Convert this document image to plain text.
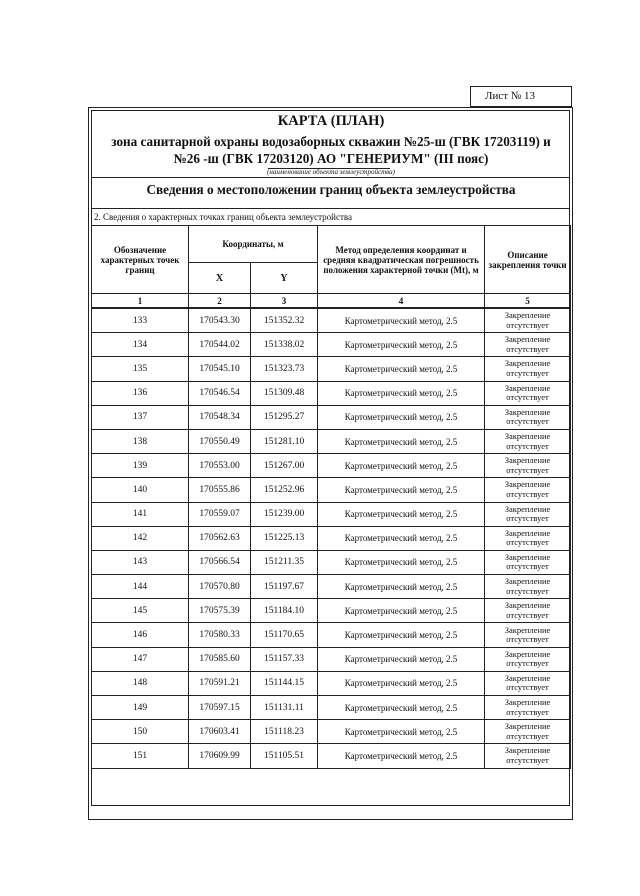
Лист № 13
КАРТА (ПЛАН)
зона санитарной охраны водозаборных скважин №25-ш (ГВК 17203119) и №26 -ш (ГВК 17203120) АО "ГЕНЕРИУМ" (III пояс)
(наименование объекта землеустройства)
Сведения о местоположении границ объекта землеустройства
2. Сведения о характерных точках границ объекта землеустройства
Обозначение характерных точек границ	Координаты, м		Метод определения координат и средняя квадратическая погрешность положения характерной точки (Mt), м	Описание закрепления точки
	X	Y		
1	2	3	4	5
133	170543.30	151352.32	Картометрический метод, 2.5	Закрепление
отсутствует

134	170544.02	151338.02	Картометрический метод, 2.5	Закрепление
отсутствует

135	170545.10	151323.73	Картометрический метод, 2.5	Закрепление
отсутствует

136	170546.54	151309.48	Картометрический метод, 2.5	Закрепление
отсутствует

137	170548.34	151295.27	Картометрический метод, 2.5	Закрепление
отсутствует

138	170550.49	151281.10	Картометрический метод, 2.5	Закрепление
отсутствует

139	170553.00	151267.00	Картометрический метод, 2.5	Закрепление
отсутствует

140	170555.86	151252.96	Картометрический метод, 2.5	Закрепление
отсутствует

141	170559.07	151239.00	Картометрический метод, 2.5	Закрепление
отсутствует

142	170562.63	151225.13	Картометрический метод, 2.5	Закрепление
отсутствует

143	170566.54	151211.35	Картометрический метод, 2.5	Закрепление
отсутствует

144	170570.80	151197.67	Картометрический метод, 2.5	Закрепление
отсутствует

145	170575.39	151184.10	Картометрический метод, 2.5	Закрепление
отсутствует

146	170580.33	151170.65	Картометрический метод, 2.5	Закрепление
отсутствует

147	170585.60	151157.33	Картометрический метод, 2.5	Закрепление
отсутствует

148	170591.21	151144.15	Картометрический метод, 2.5	Закрепление
отсутствует

149	170597.15	151131.11	Картометрический метод, 2.5	Закрепление
отсутствует

150	170603.41	151118.23	Картометрический метод, 2.5	Закрепление
отсутствует

151	170609.99	151105.51	Картометрический метод, 2.5	Закрепление
отсутствует
